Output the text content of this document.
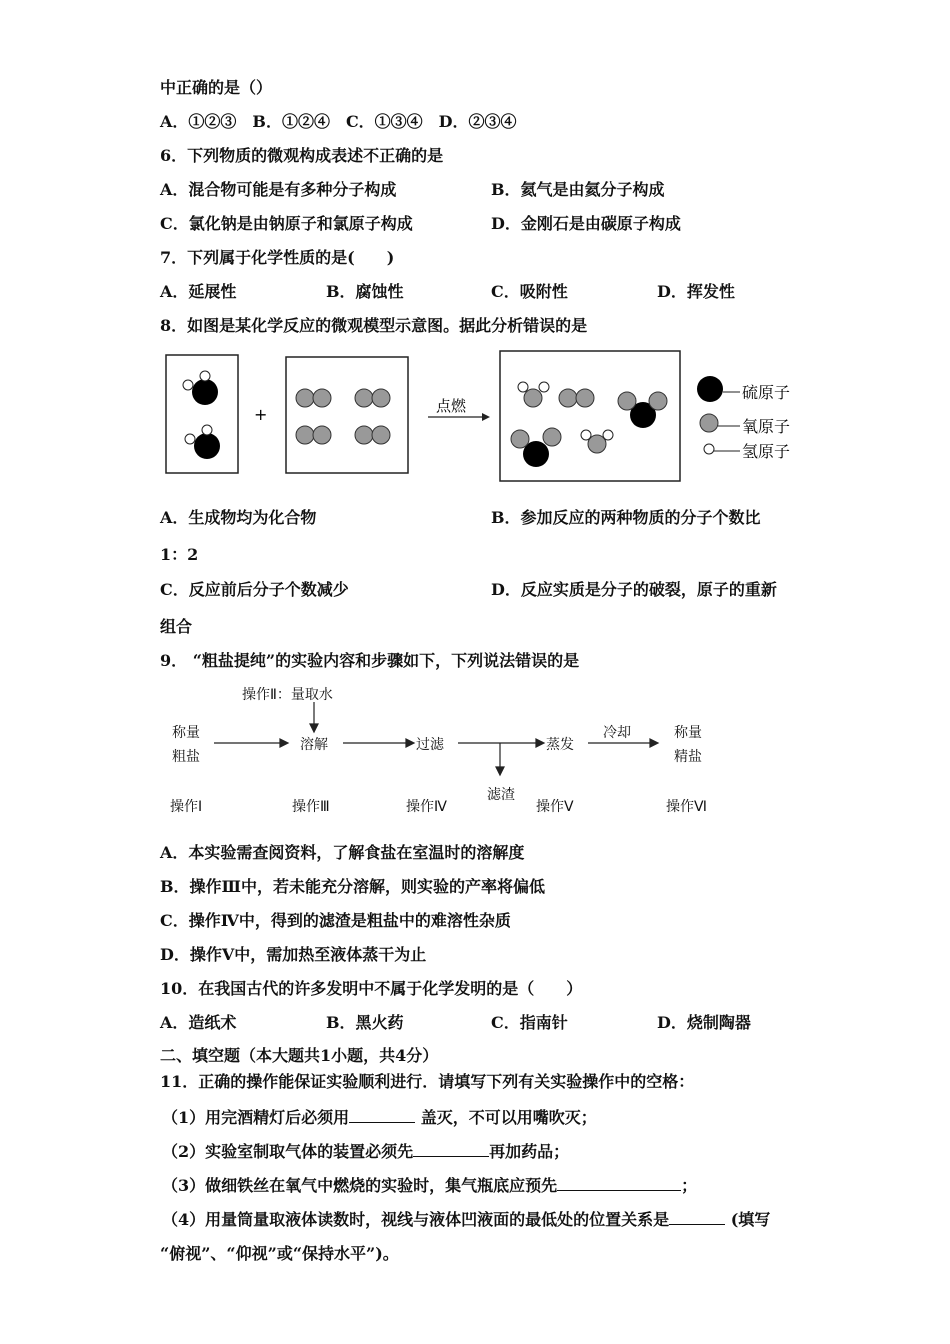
中正确的是（）
A．①②③　B．①②④　C．①③④　D．②③④
6．下列物质的微观构成表述不正确的是
A．混合物可能是有多种分子构成	B．氦气是由氦分子构成
C．氯化钠是由钠原子和氯原子构成	D．金刚石是由碳原子构成
7．下列属于化学性质的是(　　)
A．延展性	B．腐蚀性	C．吸附性	D．挥发性
8．如图是某化学反应的微观模型示意图。据此分析错误的是
+	点燃
硫原子
氧原子
氢原子
A．生成物均为化合物	B．参加反应的两种物质的分子个数比
1：2
C．反应前后分子个数减少	D．反应实质是分子的破裂，原子的重新
组合
9． “粗盐提纯”的实验内容和步骤如下，下列说法错误的是
操作Ⅱ：量取水
称量
粗盐
溶解	过滤	蒸发
冷却	称量
精盐
滤渣
操作Ⅰ	操作Ⅲ	操作Ⅳ	操作Ⅴ	操作Ⅵ
A．本实验需查阅资料，了解食盐在室温时的溶解度
B．操作Ⅲ中，若未能充分溶解，则实验的产率将偏低
C．操作Ⅳ中，得到的滤渣是粗盐中的难溶性杂质
D．操作Ⅴ中，需加热至液体蒸干为止
10．在我国古代的许多发明中不属于化学发明的是（　　）
A．造纸术	B．黑火药	C．指南针	D．烧制陶器
二、填空题（本大题共1小题，共4分）
11．正确的操作能保证实验顺利进行．请填写下列有关实验操作中的空格：
（1）用完酒精灯后必须用	盖灭，不可以用嘴吹灭；
（2）实验室制取气体的装置必须先	再加药品；
（3）做细铁丝在氧气中燃烧的实验时，集气瓶底应预先	；
（4）用量筒量取液体读数时，视线与液体凹液面的最低处的位置关系是	(填写
“俯视”、“仰视”或“保持水平”)。
